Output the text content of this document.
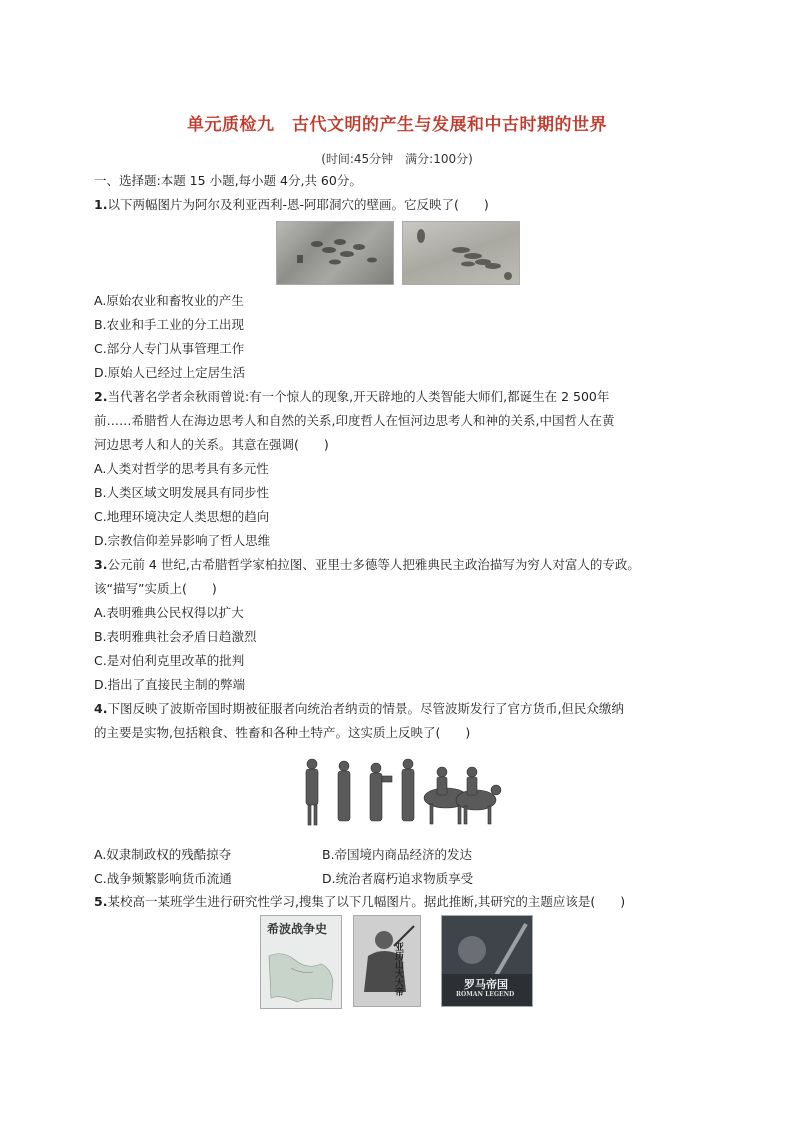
单元质检九　古代文明的产生与发展和中古时期的世界
(时间:45分钟　满分:100分)
一、选择题:本题 15 小题,每小题 4分,共 60分。
1.以下两幅图片为阿尔及利亚西利-恩-阿耶洞穴的壁画。它反映了(　　)
A.原始农业和畜牧业的产生
B.农业和手工业的分工出现
C.部分人专门从事管理工作
D.原始人已经过上定居生活
2.当代著名学者余秋雨曾说:有一个惊人的现象,开天辟地的人类智能大师们,都诞生在 2 500年
前……希腊哲人在海边思考人和自然的关系,印度哲人在恒河边思考人和神的关系,中国哲人在黄
河边思考人和人的关系。其意在强调(　　)
A.人类对哲学的思考具有多元性
B.人类区域文明发展具有同步性
C.地理环境决定人类思想的趋向
D.宗教信仰差异影响了哲人思维
3.公元前 4 世纪,古希腊哲学家柏拉图、亚里士多德等人把雅典民主政治描写为穷人对富人的专政。
该“描写”实质上(　　)
A.表明雅典公民权得以扩大
B.表明雅典社会矛盾日趋激烈
C.是对伯利克里改革的批判
D.指出了直接民主制的弊端
4.下图反映了波斯帝国时期被征服者向统治者纳贡的情景。尽管波斯发行了官方货币,但民众缴纳
的主要是实物,包括粮食、牲畜和各种土特产。这实质上反映了(　　)
A.奴隶制政权的残酷掠夺	B.帝国境内商品经济的发达
C.战争频繁影响货币流通	D.统治者腐朽追求物质享受
5.某校高一某班学生进行研究性学习,搜集了以下几幅图片。据此推断,其研究的主题应该是(　　)
希波战争史
亚历山大大帝	罗马帝国
ROMAN LEGEND
